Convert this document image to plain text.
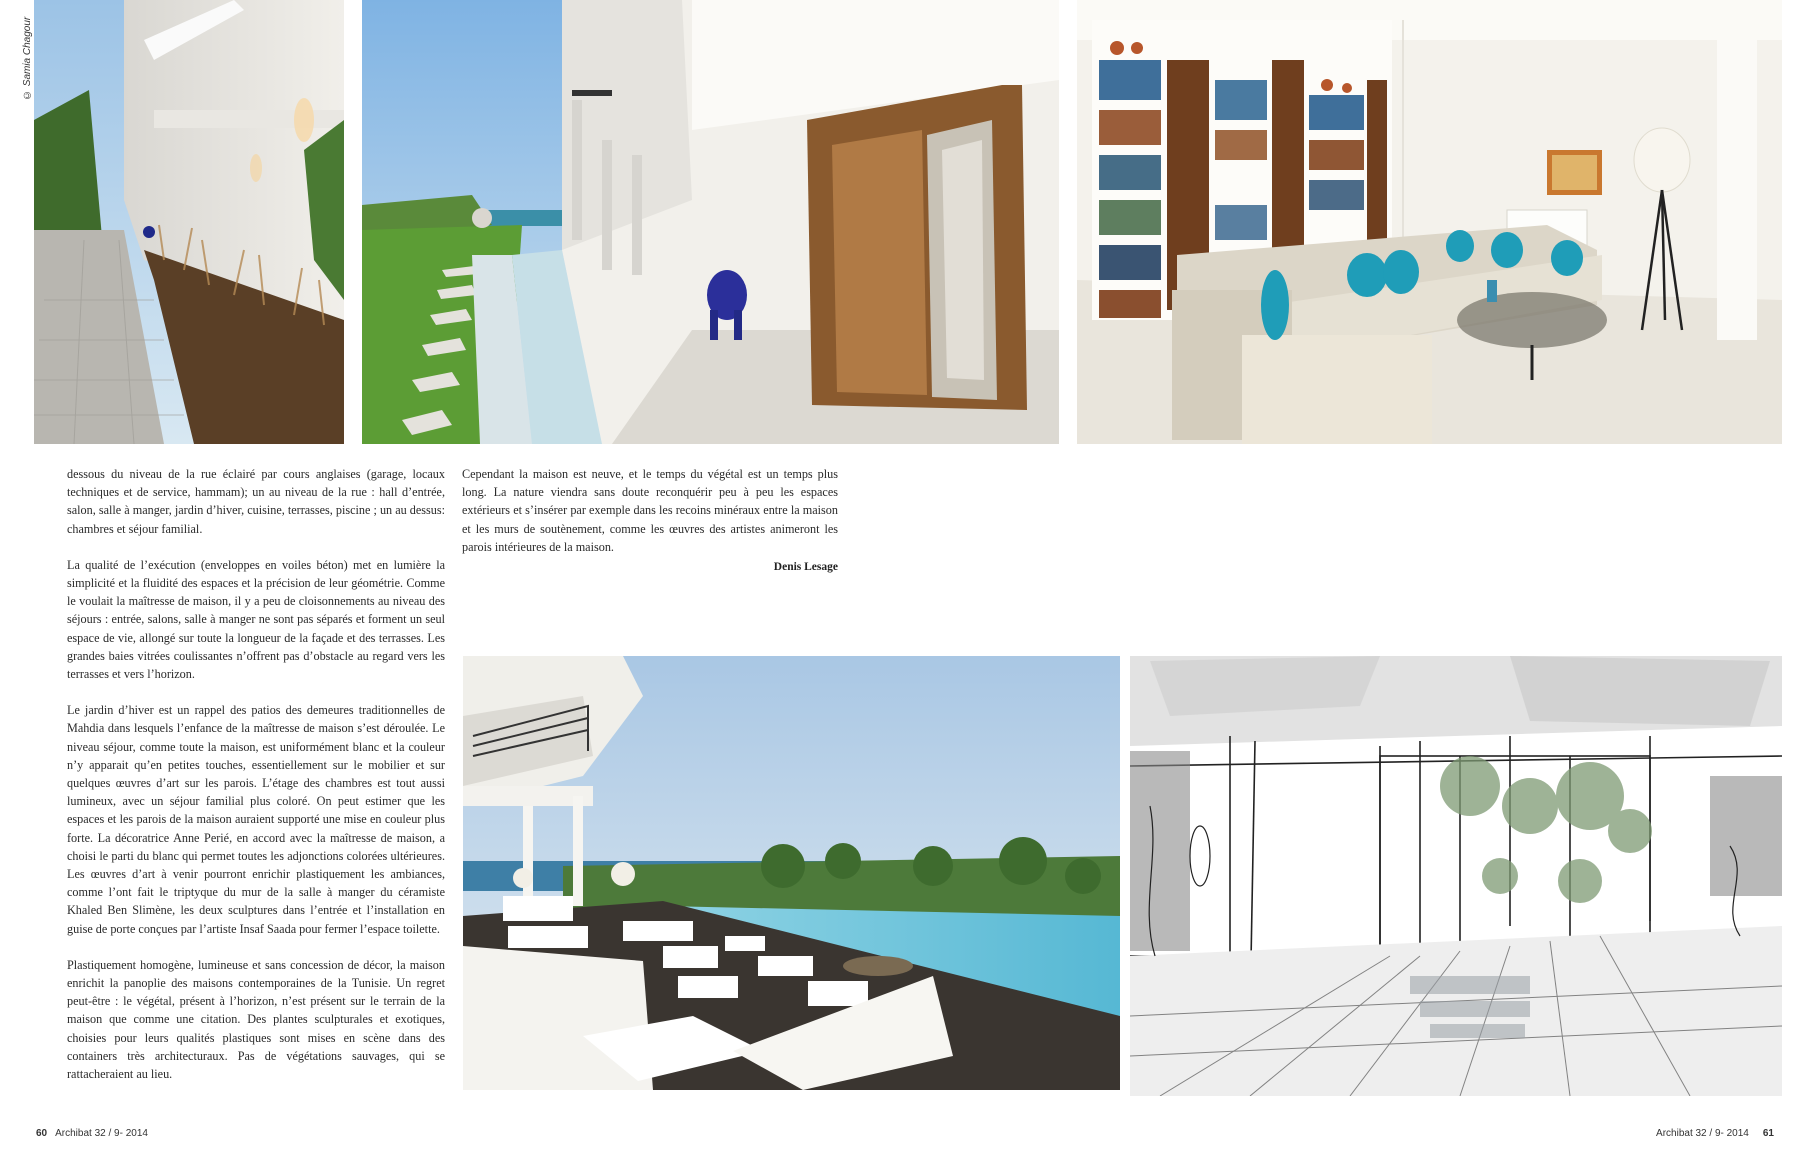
© Samia Chagour

dessous du niveau de la rue éclairé par cours anglaises (garage, locaux techniques et de service, hammam); un au niveau de la rue : hall d’entrée, salon, salle à manger, jardin d’hiver, cuisine, terrasses, piscine ; un au dessus: chambres et séjour familial.

La qualité de l’exécution (enveloppes en voiles béton) met en lumière la simplicité et la fluidité des espaces et la précision de leur géométrie. Comme le voulait la maîtresse de maison, il y a peu de cloisonnements au niveau des séjours : entrée, salons, salle à manger ne sont pas séparés et forment un seul espace de vie, allongé sur toute la longueur de la façade et des terrasses. Les grandes baies vitrées coulissantes n’offrent pas d’obstacle au regard vers les terrasses et vers l’horizon.

Le jardin d’hiver est un rappel des patios des demeures traditionnelles de Mahdia dans lesquels l’enfance de la maîtresse de maison s’est déroulée. Le niveau séjour, comme toute la maison, est uniformément blanc et la couleur n’y apparait qu’en petites touches, essentiellement sur le mobilier et sur quelques œuvres d’art sur les parois. L’étage des chambres est tout aussi lumineux, avec un séjour familial plus coloré. On peut estimer que les espaces et les parois de la maison auraient supporté une mise en couleur plus forte. La décoratrice Anne Perié, en accord avec la maîtresse de maison, a choisi le parti du blanc qui permet toutes les adjonctions colorées ultérieures. Les œuvres d’art à venir pourront enrichir plastiquement les ambiances, comme l’ont fait le triptyque du mur de la salle à manger du céramiste Khaled Ben Slimène, les deux sculptures dans l’entrée et l’installation en guise de porte conçues par l’artiste Insaf Saada pour fermer l’espace toilette.

Plastiquement homogène, lumineuse et sans concession de décor, la maison enrichit la panoplie des maisons contemporaines de la Tunisie. Un regret peut-être : le végétal, présent à l’horizon, n’est présent sur le terrain de la maison que comme une citation. Des plantes sculpturales et exotiques, choisies pour leurs qualités plastiques sont mises en scène dans des containers très architecturaux. Pas de végétations sauvages, qui se rattacheraient au lieu.

Cependant la maison est neuve, et le temps du végétal est un temps plus long. La nature viendra sans doute reconquérir peu à peu les espaces extérieurs et s’insérer par exemple dans les recoins minéraux entre la maison et les murs de soutènement, comme les œuvres des artistes animeront les parois intérieures de la maison.

Denis Lesage
60 Archibat 32 / 9- 2014	Archibat 32 / 9- 2014 61
